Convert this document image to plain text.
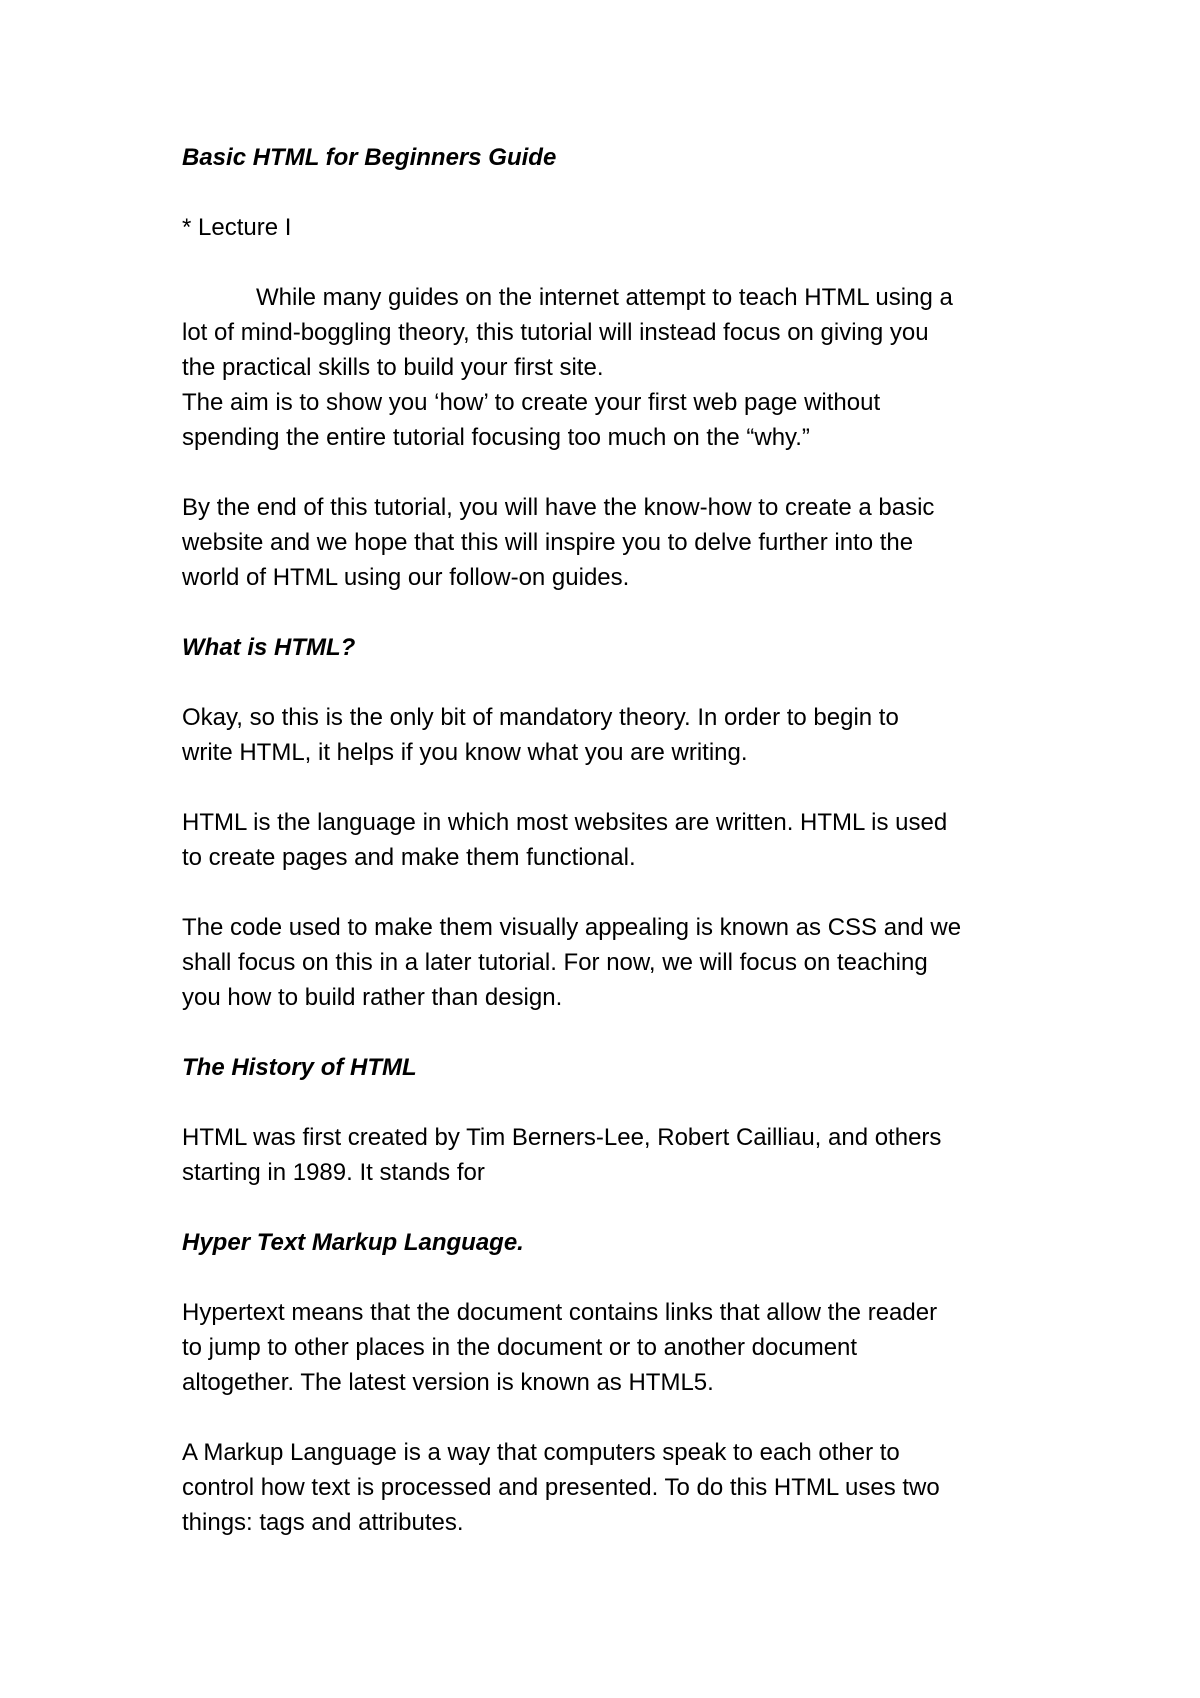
Basic HTML for Beginners Guide

* Lecture I

While many guides on the internet attempt to teach HTML using a

lot of mind-boggling theory, this tutorial will instead focus on giving you

the practical skills to build your first site.

The aim is to show you ‘how’ to create your first web page without

spending the entire tutorial focusing too much on the “why.”

By the end of this tutorial, you will have the know-how to create a basic

website and we hope that this will inspire you to delve further into the

world of HTML using our follow-on guides.

What is HTML?

Okay, so this is the only bit of mandatory theory. In order to begin to

write HTML, it helps if you know what you are writing.

HTML is the language in which most websites are written. HTML is used

to create pages and make them functional.

The code used to make them visually appealing is known as CSS and we

shall focus on this in a later tutorial. For now, we will focus on teaching

you how to build rather than design.

The History of HTML

HTML was first created by Tim Berners-Lee, Robert Cailliau, and others

starting in 1989. It stands for

Hyper Text Markup Language.

Hypertext means that the document contains links that allow the reader

to jump to other places in the document or to another document

altogether. The latest version is known as HTML5.

A Markup Language is a way that computers speak to each other to

control how text is processed and presented. To do this HTML uses two

things: tags and attributes.
